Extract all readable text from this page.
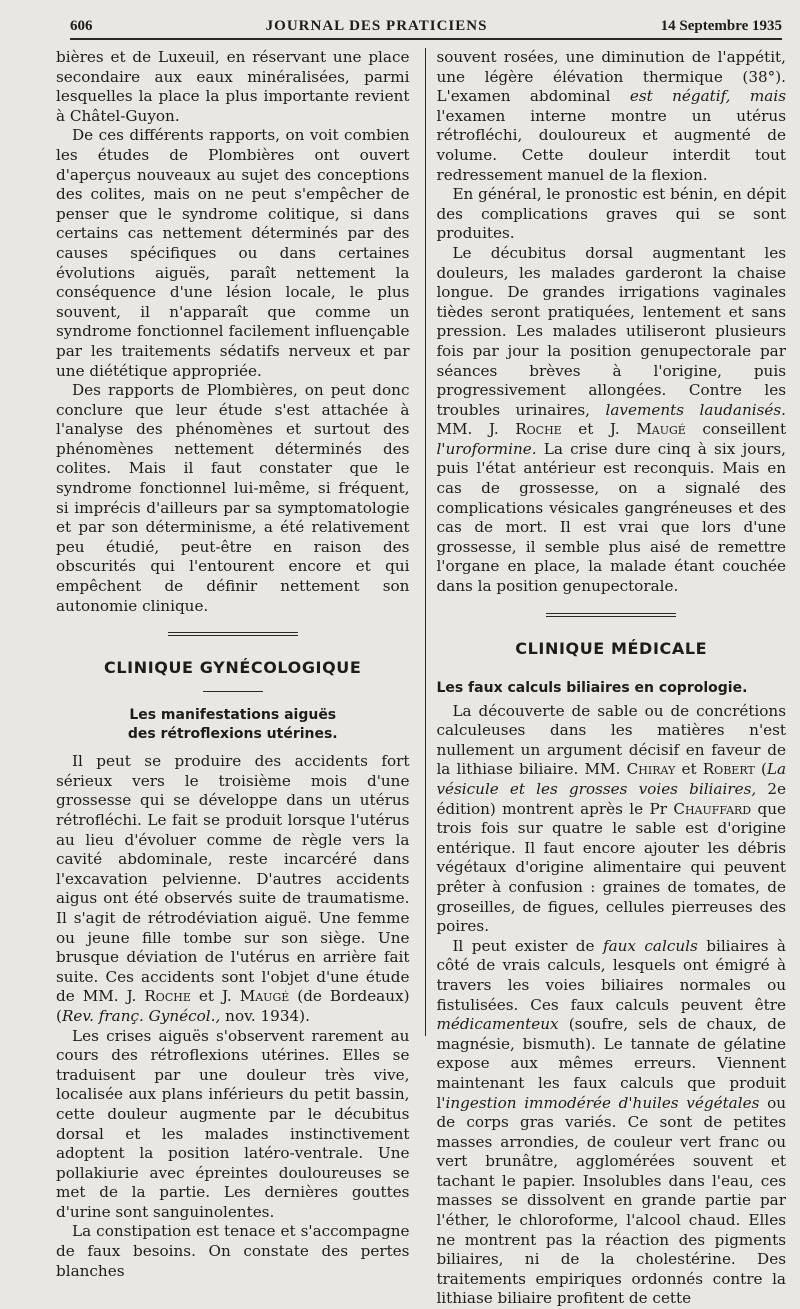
606	JOURNAL DES PRATICIENS	14 Septembre 1935

bières et de Luxeuil, en réservant une place secondaire aux eaux minéralisées, parmi lesquelles la place la plus importante revient à Châtel-Guyon.

De ces différents rapports, on voit combien les études de Plombières ont ouvert d'aperçus nouveaux au sujet des conceptions des colites, mais on ne peut s'empêcher de penser que le syndrome colitique, si dans certains cas nettement déterminés par des causes spécifiques ou dans certaines évolutions aiguës, paraît nettement la conséquence d'une lésion locale, le plus souvent, il n'apparaît que comme un syndrome fonctionnel facilement influençable par les traitements sédatifs nerveux et par une diététique appropriée.

Des rapports de Plombières, on peut donc conclure que leur étude s'est attachée à l'analyse des phénomènes et surtout des phénomènes nettement déterminés des colites. Mais il faut constater que le syndrome fonctionnel lui-même, si fréquent, si imprécis d'ailleurs par sa symptomatologie et par son déterminisme, a été relativement peu étudié, peut-être en raison des obscurités qui l'entourent encore et qui empêchent de définir nettement son autonomie clinique.

CLINIQUE GYNÉCOLOGIQUE
Les manifestations aiguës
des rétroflexions utérines.

Il peut se produire des accidents fort sérieux vers le troisième mois d'une grossesse qui se développe dans un utérus rétrofléchi. Le fait se produit lorsque l'utérus au lieu d'évoluer comme de règle vers la cavité abdominale, reste incarcéré dans l'excavation pelvienne. D'autres accidents aigus ont été observés suite de traumatisme. Il s'agit de rétrodéviation aiguë. Une femme ou jeune fille tombe sur son siège. Une brusque déviation de l'utérus en arrière fait suite. Ces accidents sont l'objet d'une étude de MM. J. Roche et J. Maugé (de Bordeaux) (Rev. franç. Gynécol., nov. 1934).

Les crises aiguës s'observent rarement au cours des rétroflexions utérines. Elles se traduisent par une douleur très vive, localisée aux plans inférieurs du petit bassin, cette douleur augmente par le décubitus dorsal et les malades instinctivement adoptent la position latéro-ventrale. Une pollakiurie avec épreintes douloureuses se met de la partie. Les dernières gouttes d'urine sont sanguinolentes.

La constipation est tenace et s'accompagne de faux besoins. On constate des pertes blanches

souvent rosées, une diminution de l'appétit, une légère élévation thermique (38°). L'examen abdominal est négatif, mais l'examen interne montre un utérus rétrofléchi, douloureux et augmenté de volume. Cette douleur interdit tout redressement manuel de la flexion.

En général, le pronostic est bénin, en dépit des complications graves qui se sont produites.

Le décubitus dorsal augmentant les douleurs, les malades garderont la chaise longue. De grandes irrigations vaginales tièdes seront pratiquées, lentement et sans pression. Les malades utiliseront plusieurs fois par jour la position genupectorale par séances brèves à l'origine, puis progressivement allongées. Contre les troubles urinaires, lavements laudanisés. MM. J. Roche et J. Maugé conseillent l'uroformine. La crise dure cinq à six jours, puis l'état antérieur est reconquis. Mais en cas de grossesse, on a signalé des complications vésicales gangréneuses et des cas de mort. Il est vrai que lors d'une grossesse, il semble plus aisé de remettre l'organe en place, la malade étant couchée dans la position genupectorale.

CLINIQUE MÉDICALE
Les faux calculs biliaires en coprologie.

La découverte de sable ou de concrétions calculeuses dans les matières n'est nullement un argument décisif en faveur de la lithiase biliaire. MM. Chiray et Robert (La vésicule et les grosses voies biliaires, 2e édition) montrent après le Pr Chauffard que trois fois sur quatre le sable est d'origine entérique. Il faut encore ajouter les débris végétaux d'origine alimentaire qui peuvent prêter à confusion : graines de tomates, de groseilles, de figues, cellules pierreuses des poires.

Il peut exister de faux calculs biliaires à côté de vrais calculs, lesquels ont émigré à travers les voies biliaires normales ou fistulisées. Ces faux calculs peuvent être médicamenteux (soufre, sels de chaux, de magnésie, bismuth). Le tannate de gélatine expose aux mêmes erreurs. Viennent maintenant les faux calculs que produit l'ingestion immodérée d'huiles végétales ou de corps gras variés. Ce sont de petites masses arrondies, de couleur vert franc ou vert brunâtre, agglomérées souvent et tachant le papier. Insolubles dans l'eau, ces masses se dissolvent en grande partie par l'éther, le chloroforme, l'alcool chaud. Elles ne montrent pas la réaction des pigments biliaires, ni de la cholestérine. Des traitements empiriques ordonnés contre la lithiase biliaire profitent de cette
